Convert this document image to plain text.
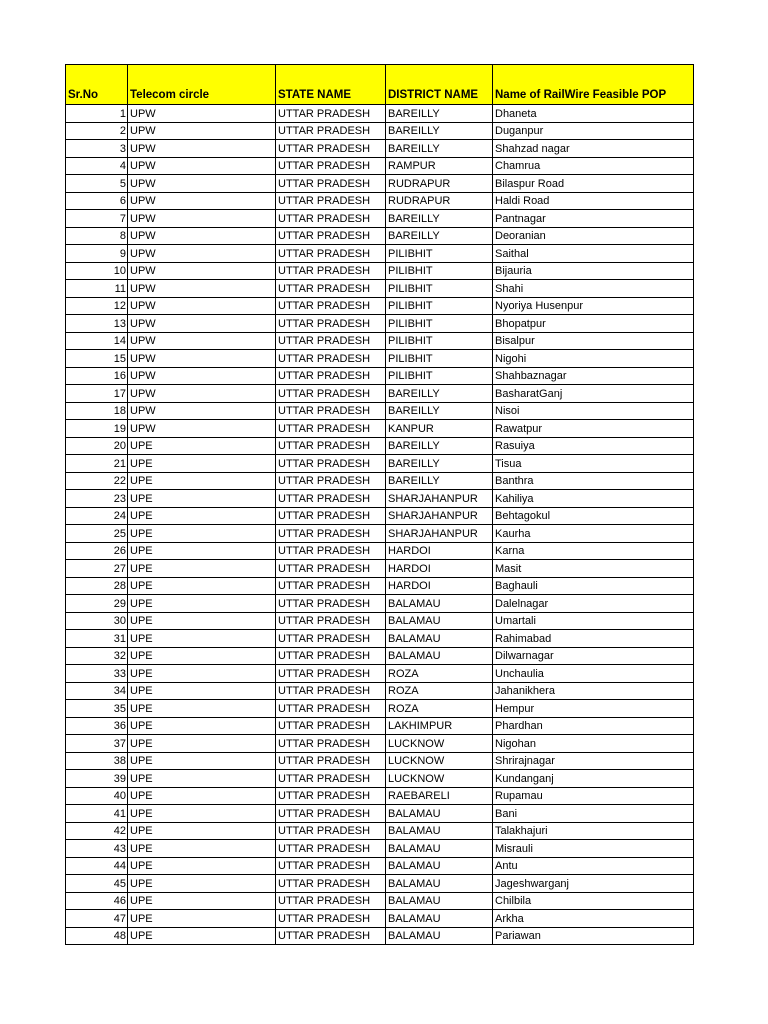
Sr.No	Telecom circle	STATE NAME	DISTRICT NAME	Name of RailWire Feasible POP
1	UPW	UTTAR PRADESH	BAREILLY	Dhaneta
2	UPW	UTTAR PRADESH	BAREILLY	Duganpur
3	UPW	UTTAR PRADESH	BAREILLY	Shahzad nagar
4	UPW	UTTAR PRADESH	RAMPUR	Chamrua
5	UPW	UTTAR PRADESH	RUDRAPUR	Bilaspur Road
6	UPW	UTTAR PRADESH	RUDRAPUR	Haldi Road
7	UPW	UTTAR PRADESH	BAREILLY	Pantnagar
8	UPW	UTTAR PRADESH	BAREILLY	Deoranian
9	UPW	UTTAR PRADESH	PILIBHIT	Saithal
10	UPW	UTTAR PRADESH	PILIBHIT	Bijauria
11	UPW	UTTAR PRADESH	PILIBHIT	Shahi
12	UPW	UTTAR PRADESH	PILIBHIT	Nyoriya Husenpur
13	UPW	UTTAR PRADESH	PILIBHIT	Bhopatpur
14	UPW	UTTAR PRADESH	PILIBHIT	Bisalpur
15	UPW	UTTAR PRADESH	PILIBHIT	Nigohi
16	UPW	UTTAR PRADESH	PILIBHIT	Shahbaznagar
17	UPW	UTTAR PRADESH	BAREILLY	BasharatGanj
18	UPW	UTTAR PRADESH	BAREILLY	Nisoi
19	UPW	UTTAR PRADESH	KANPUR	Rawatpur
20	UPE	UTTAR PRADESH	BAREILLY	Rasuiya
21	UPE	UTTAR PRADESH	BAREILLY	Tisua
22	UPE	UTTAR PRADESH	BAREILLY	Banthra
23	UPE	UTTAR PRADESH	SHARJAHANPUR	Kahiliya
24	UPE	UTTAR PRADESH	SHARJAHANPUR	Behtagokul
25	UPE	UTTAR PRADESH	SHARJAHANPUR	Kaurha
26	UPE	UTTAR PRADESH	HARDOI	Karna
27	UPE	UTTAR PRADESH	HARDOI	Masit
28	UPE	UTTAR PRADESH	HARDOI	Baghauli
29	UPE	UTTAR PRADESH	BALAMAU	Dalelnagar
30	UPE	UTTAR PRADESH	BALAMAU	Umartali
31	UPE	UTTAR PRADESH	BALAMAU	Rahimabad
32	UPE	UTTAR PRADESH	BALAMAU	Dilwarnagar
33	UPE	UTTAR PRADESH	ROZA	Unchaulia
34	UPE	UTTAR PRADESH	ROZA	Jahanikhera
35	UPE	UTTAR PRADESH	ROZA	Hempur
36	UPE	UTTAR PRADESH	LAKHIMPUR	Phardhan
37	UPE	UTTAR PRADESH	LUCKNOW	Nigohan
38	UPE	UTTAR PRADESH	LUCKNOW	Shrirajnagar
39	UPE	UTTAR PRADESH	LUCKNOW	Kundanganj
40	UPE	UTTAR PRADESH	RAEBARELI	Rupamau
41	UPE	UTTAR PRADESH	BALAMAU	Bani
42	UPE	UTTAR PRADESH	BALAMAU	Talakhajuri
43	UPE	UTTAR PRADESH	BALAMAU	Misrauli
44	UPE	UTTAR PRADESH	BALAMAU	Antu
45	UPE	UTTAR PRADESH	BALAMAU	Jageshwarganj
46	UPE	UTTAR PRADESH	BALAMAU	Chilbila
47	UPE	UTTAR PRADESH	BALAMAU	Arkha
48	UPE	UTTAR PRADESH	BALAMAU	Pariawan
